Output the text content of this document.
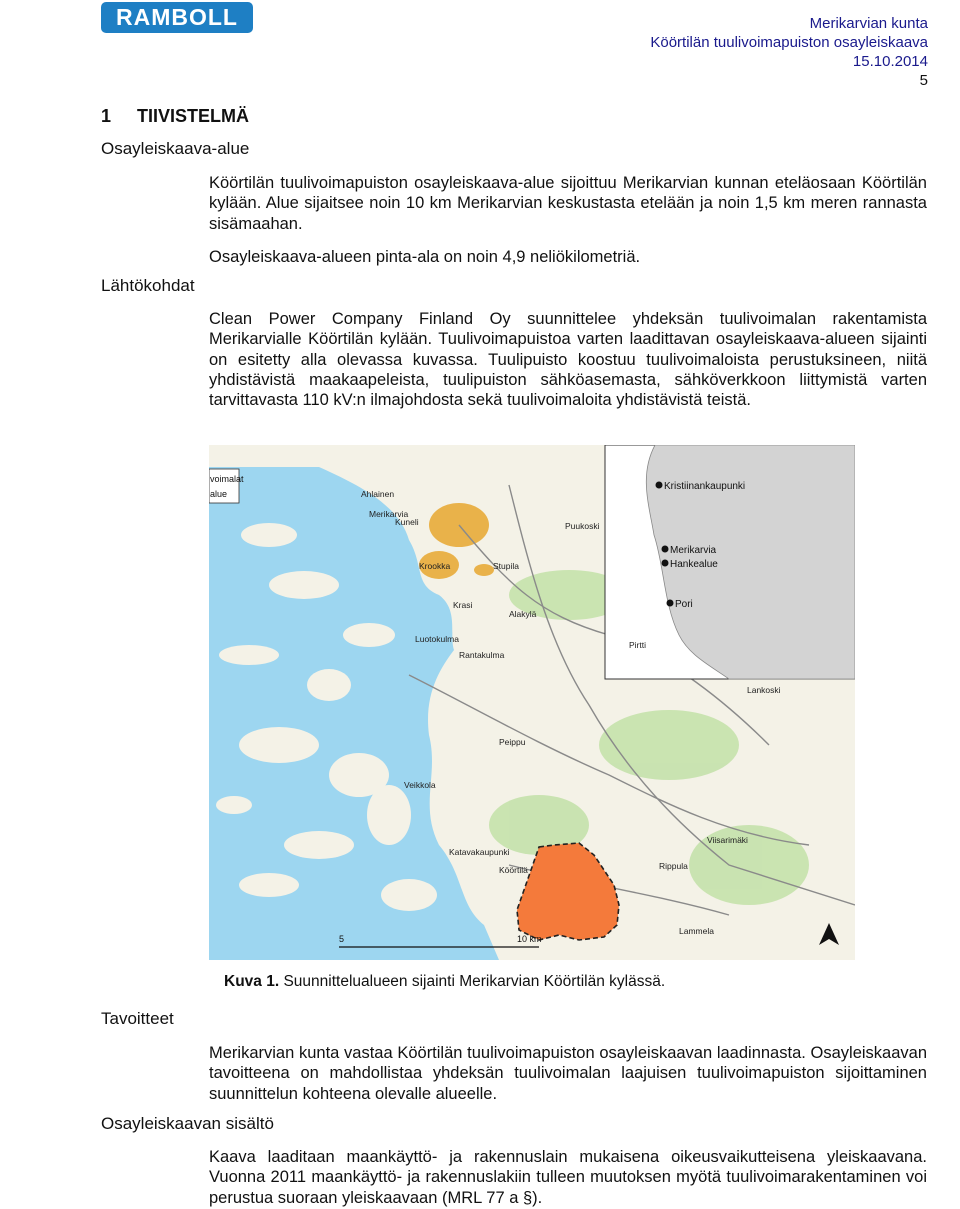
RAMBOLL	Merikarvian kunta
Köörtilän tuulivoimapuiston osayleiskaava
15.10.2014
5
1 TIIVISTELMÄ
Osayleiskaava-alue
Lähtökohdat
Tavoitteet
Osayleiskaavan sisältö
Köörtilän tuulivoimapuiston osayleiskaava-alue sijoittuu Merikarvian kunnan eteläosaan Köörtilän kylään. Alue sijaitsee noin 10 km Merikarvian keskustasta etelään ja noin 1,5 km meren rannasta sisämaahan.
Osayleiskaava-alueen pinta-ala on noin 4,9 neliökilometriä.
Clean Power Company Finland Oy suunnittelee yhdeksän tuulivoimalan rakentamista Merikarvialle Köörtilän kylään. Tuulivoimapuistoa varten laadittavan osayleiskaava-alueen sijainti on esitetty alla olevassa kuvassa. Tuulipuisto koostuu tuulivoimaloista perustuksineen, niitä yhdistävistä maakaapeleista, tuulipuiston sähköasemasta, sähköverkkoon liittymistä varten tarvittavasta 110 kV:n ilmajohdosta sekä tuulivoimaloita yhdistävistä teistä.
Merikarvian kunta vastaa Köörtilän tuulivoimapuiston osayleiskaavan laadinnasta. Osayleiskaavan tavoitteena on mahdollistaa yhdeksän tuulivoimalan laajuisen tuulivoimapuiston sijoittaminen suunnittelun kohteena olevalle alueelle.
Kaava laaditaan maankäyttö- ja rakennuslain mukaisena oikeusvaikutteisena yleiskaavana. Vuonna 2011 maankäyttö- ja rakennuslakiin tulleen muutoksen myötä tuulivoimarakentaminen voi perustua suoraan yleiskaavaan (MRL 77 a §).
Kristiinankaupunki
Merikarvia
Hankealue
Pori
voimalat
alue
Merikarvia
Kuneli
Krookka	Stupila
Krasi
Alakylä
Luotokulma
Rantakulma
Peippu
Veikkola
Katavakaupunki
Köörtilä	Rippula
Viisarimäki
Lammela
Lankoski
Puukoski
Pirtti
Ahlainen
5	10 km
Kuva 1. Suunnittelualueen sijainti Merikarvian Köörtilän kylässä.
